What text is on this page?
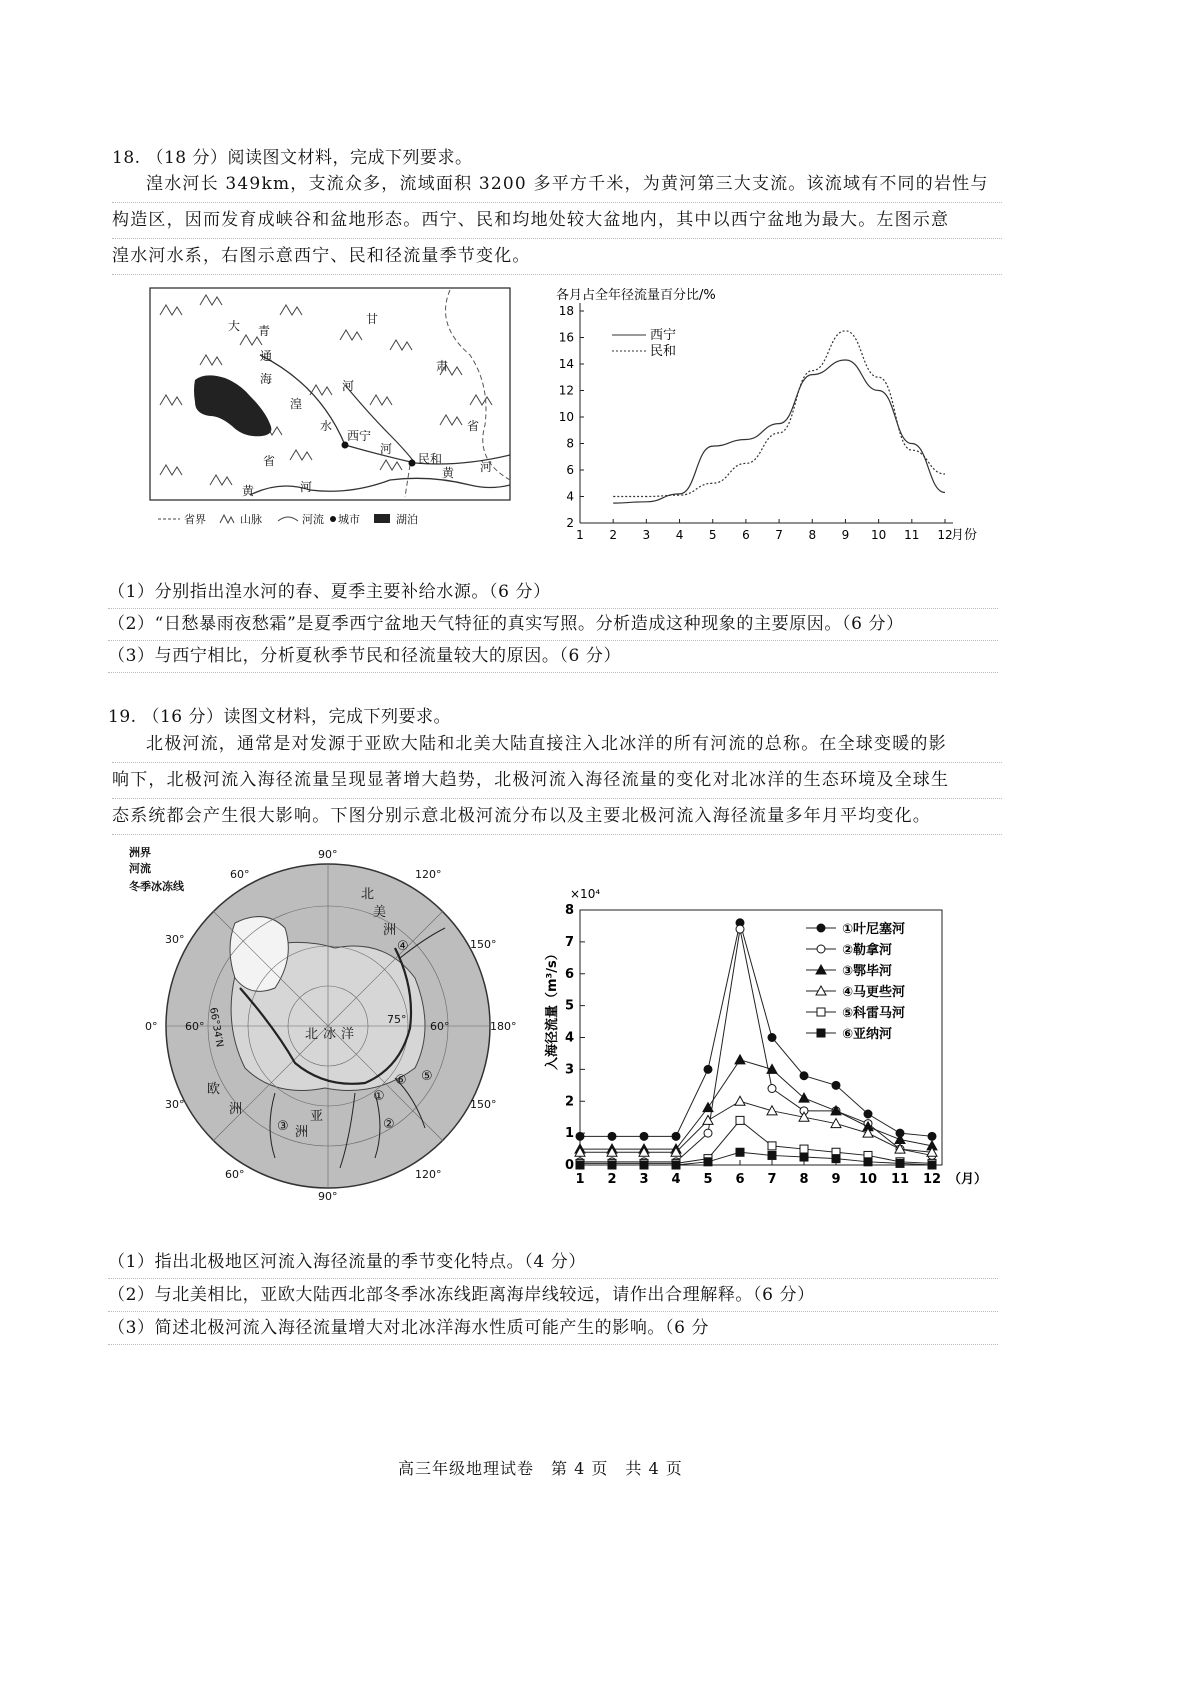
18. （18 分）阅读图文材料，完成下列要求。
湟水河长 349km，支流众多，流域面积 3200 多平方千米，为黄河第三大支流。该流域有不同的岩性与
构造区，因而发育成峡谷和盆地形态。西宁、民和均地处较大盆地内，其中以西宁盆地为最大。左图示意
湟水河水系，右图示意西宁、民和径流量季节变化。
大 青
通
海
湟
水
甘
肃
河
西宁
河
民和
黄 河
省
省
黄	河
省界	山脉	河流 城市	湖泊
各月占全年径流量百分比/%
2
4
6
8
10
12
14
16
18
1 2 3 4 5 6 7 8 9 10 11 12
月份
西宁
民和
（1）分别指出湟水河的春、夏季主要补给水源。（6 分）
（2）“日愁暴雨夜愁霜”是夏季西宁盆地天气特征的真实写照。分析造成这种现象的主要原因。（6 分）
（3）与西宁相比，分析夏秋季节民和径流量较大的原因。（6 分）
19. （16 分）读图文材料，完成下列要求。
北极河流，通常是对发源于亚欧大陆和北美大陆直接注入北冰洋的所有河流的总称。在全球变暖的影
响下，北极河流入海径流量呈现显著增大趋势，北极河流入海径流量的变化对北冰洋的生态环境及全球生
态系统都会产生很大影响。下图分别示意北极河流分布以及主要北极河流入海径流量多年月平均变化。
洲界
河流
冬季冰冻线
90°
120°
150°
180°
150°
120°
90°
60°
30°
0°
30°
60°
60°
60°
75°
北
美
洲
北 冰 洋
欧
洲	亚
洲
①
②
③
④
⑤
⑥
66°34′N
×10⁴
入海径流量（m³/s）
0
1
2
3
4
5
6
7
8
1 2 3 4 5 6 7 8 9 10 11 12 （月）
①叶尼塞河
②勒拿河
③鄂毕河
④马更些河
⑤科雷马河
⑥亚纳河
（1）指出北极地区河流入海径流量的季节变化特点。（4 分）
（2）与北美相比，亚欧大陆西北部冬季冰冻线距离海岸线较远，请作出合理解释。（6 分）
（3）简述北极河流入海径流量增大对北冰洋海水性质可能产生的影响。（6 分
高三年级地理试卷　第 4 页　共 4 页
